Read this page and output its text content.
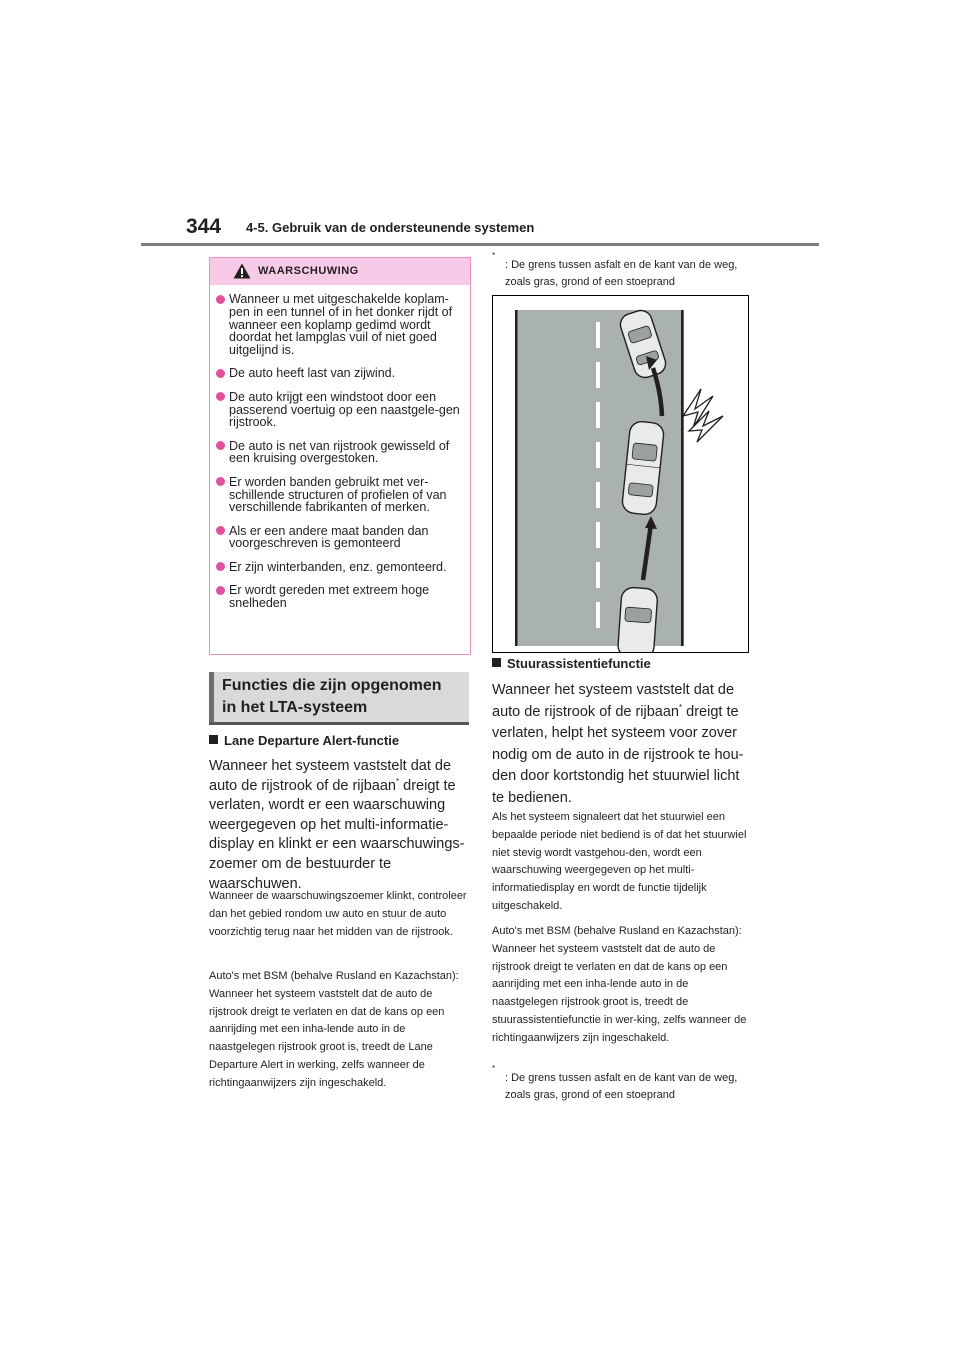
344 4-5. Gebruik van de ondersteunende systemen
WAARSCHUWING
Wanneer u met uitgeschakelde koplam-pen in een tunnel of in het donker rijdt of wanneer een koplamp gedimd wordt doordat het lampglas vuil of niet goed uitgelijnd is.
De auto heeft last van zijwind.
De auto krijgt een windstoot door een passerend voertuig op een naastgele-gen rijstrook.
De auto is net van rijstrook gewisseld of een kruising overgestoken.
Er worden banden gebruikt met ver-schillende structuren of profielen of van verschillende fabrikanten of merken.
Als er een andere maat banden dan voorgeschreven is gemonteerd
Er zijn winterbanden, enz. gemonteerd.
Er wordt gereden met extreem hoge snelheden
Functies die zijn opgenomen
in het LTA-systeem
Lane Departure Alert-functie

Wanneer het systeem vaststelt dat de auto de rijstrook of de rijbaan* dreigt te verlaten, wordt er een waarschuwing weergegeven op het multi-informatie-display en klinkt er een waarschuwings-zoemer om de bestuurder te waarschuwen.

Wanneer de waarschuwingszoemer klinkt, controleer dan het gebied rondom uw auto en stuur de auto voorzichtig terug naar het midden van de rijstrook.

Auto's met BSM (behalve Rusland en Kazachstan): Wanneer het systeem vaststelt dat de auto de rijstrook dreigt te verlaten en dat de kans op een aanrijding met een inha-lende auto in de naastgelegen rijstrook groot is, treedt de Lane Departure Alert in werking, zelfs wanneer de richtingaanwijzers zijn ingeschakeld.

*
: De grens tussen asfalt en de kant van de weg, zoals gras, grond of een stoeprand
Stuurassistentiefunctie

Wanneer het systeem vaststelt dat de auto de rijstrook of de rijbaan* dreigt te verlaten, helpt het systeem voor zover nodig om de auto in de rijstrook te hou-den door kortstondig het stuurwiel licht te bedienen.

Als het systeem signaleert dat het stuurwiel een bepaalde periode niet bediend is of dat het stuurwiel niet stevig wordt vastgehou-den, wordt een waarschuwing weergegeven op het multi-informatiedisplay en wordt de functie tijdelijk uitgeschakeld.

Auto's met BSM (behalve Rusland en Kazachstan): Wanneer het systeem vaststelt dat de auto de rijstrook dreigt te verlaten en dat de kans op een aanrijding met een inha-lende auto in de naastgelegen rijstrook groot is, treedt de stuurassistentiefunctie in wer-king, zelfs wanneer de richtingaanwijzers zijn ingeschakeld.

*
: De grens tussen asfalt en de kant van de weg, zoals gras, grond of een stoeprand
